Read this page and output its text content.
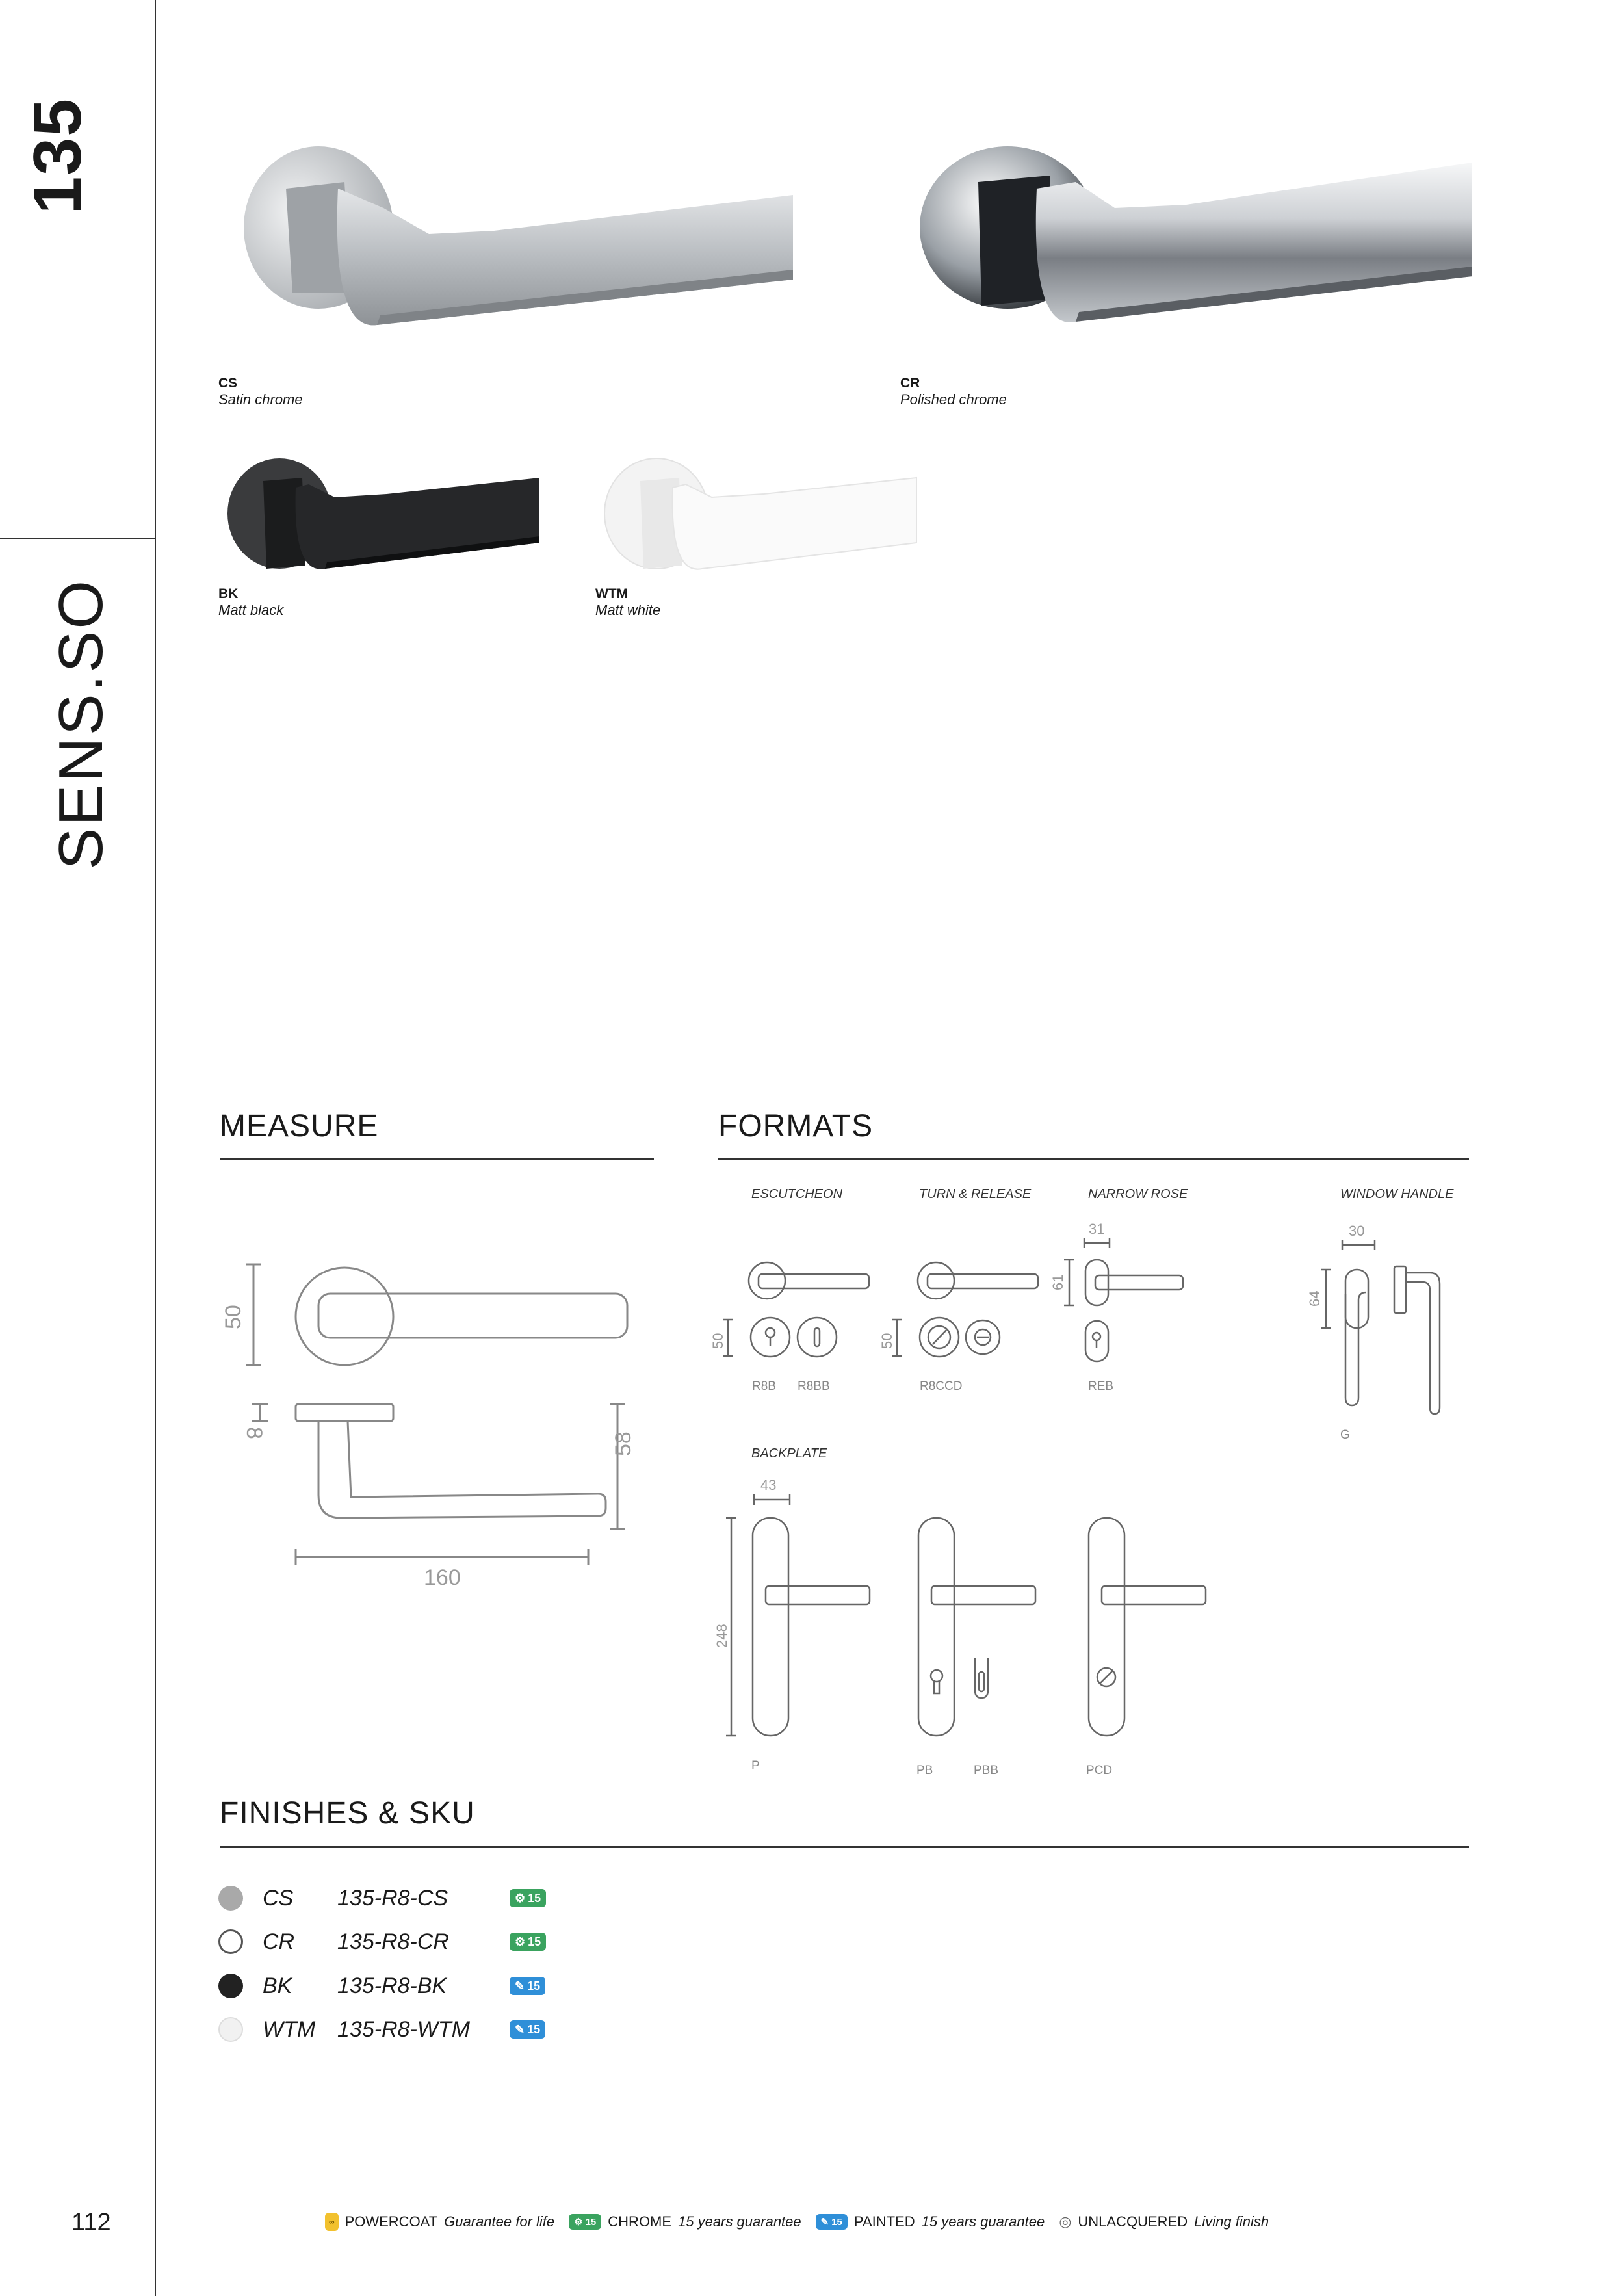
135
SENS.SO
112
CS
Satin chrome
CR
Polished chrome
BK
Matt black
WTM
Matt white
MEASURE
50
8	58
160
FORMATS
ESCUTCHEON	TURN & RELEASE	NARROW ROSE	WINDOW HANDLE
BACKPLATE
50	50
31
61
30
64
43
248
R8B R8BB	R8CCD	REB
G
P	PB	PBB	PCD
FINISHES & SKU
CS	135-R8-CS	⚙ 15
CR	135-R8-CR	⚙ 15
BK	135-R8-BK	✎ 15
WTM 135-R8-WTM	✎ 15
∞ POWERCOAT Guarantee for life	⚙ 15 CHROME 15 years guarantee	✎ 15 PAINTED 15 years guarantee ◎ UNLACQUERED Living finish
